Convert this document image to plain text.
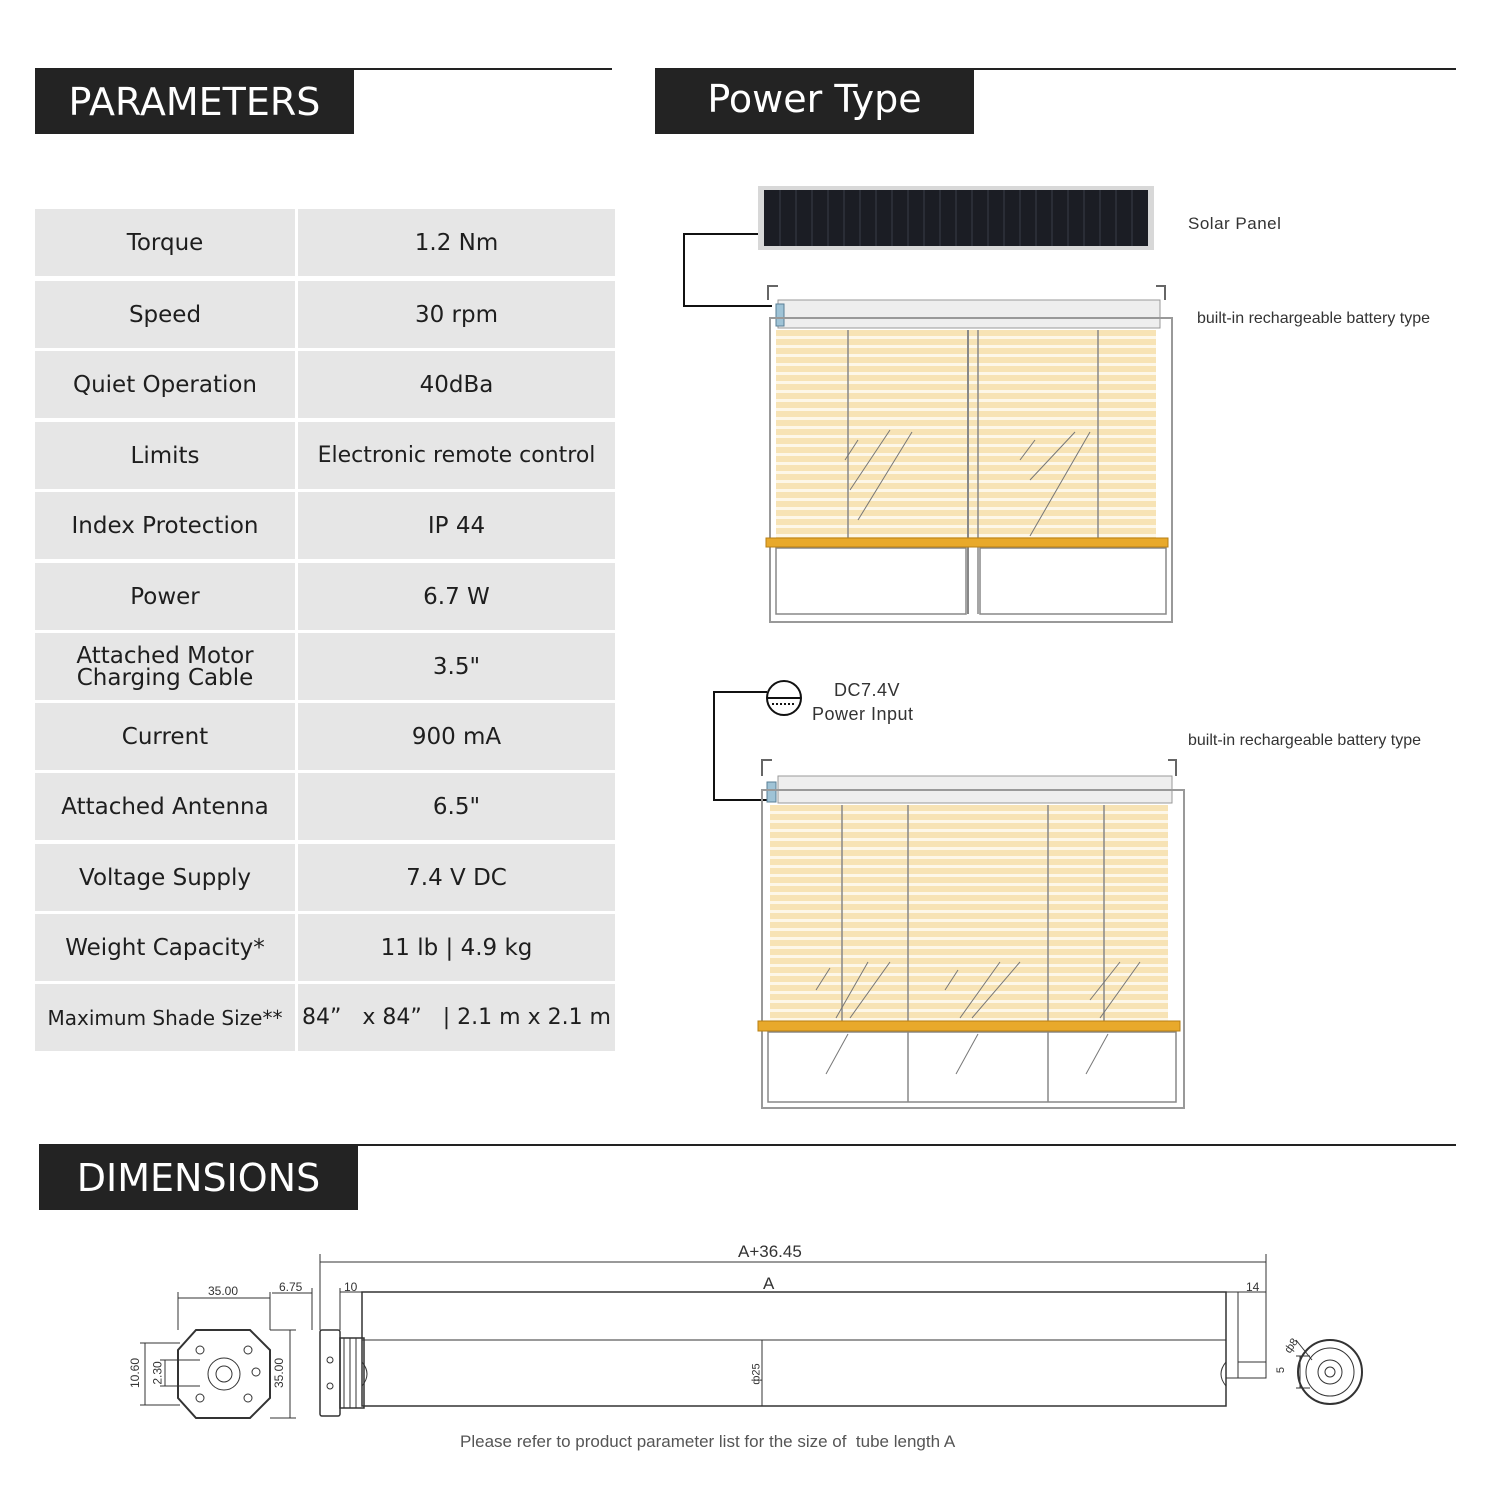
PARAMETERS	Power Type
DIMENSIONS
Torque	1.2 Nm
Speed	30 rpm
Quiet Operation	40dBa
Limits	Electronic remote control
Index Protection	IP 44
Power	6.7 W
Attached Motor Charging Cable	3.5"
Current	900 mA
Attached Antenna	6.5"
Voltage Supply	7.4 V DC
Weight Capacity*	11 lb | 4.9 kg
Maximum Shade Size** 84”   x 84”   | 2.1 m x 2.1 m
Solar Panel
built-in rechargeable battery type
DC7.4V
Power Input
built-in rechargeable battery type
A+36.45
A
10	14
35.00	6.75
35.00
10.60 2.30	ф25
ф8
5
Please refer to product parameter list for the size of  tube length A
